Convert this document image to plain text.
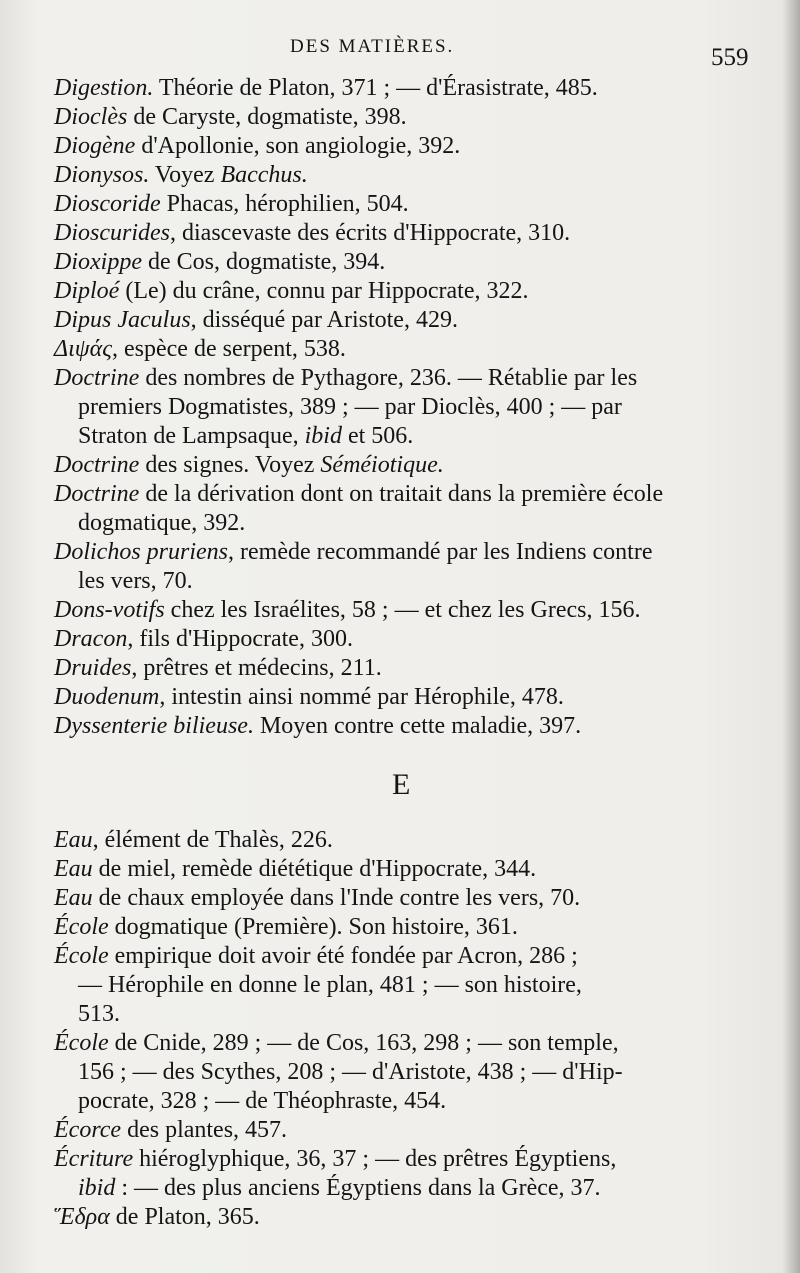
DES MATIÈRES.	559
Digestion. Théorie de Platon, 371 ; — d'Érasistrate, 485.
Dioclès de Caryste, dogmatiste, 398.
Diogène d'Apollonie, son angiologie, 392.
Dionysos. Voyez Bacchus.
Dioscoride Phacas, hérophilien, 504.
Dioscurides, diascevaste des écrits d'Hippocrate, 310.
Dioxippe de Cos, dogmatiste, 394.
Diploé (Le) du crâne, connu par Hippocrate, 322.
Dipus Jaculus, disséqué par Aristote, 429.
Διψάς, espèce de serpent, 538.
Doctrine des nombres de Pythagore, 236. — Rétablie par les
premiers Dogmatistes, 389 ; — par Dioclès, 400 ; — par
Straton de Lampsaque, ibid et 506.
Doctrine des signes. Voyez Séméiotique.
Doctrine de la dérivation dont on traitait dans la première école
dogmatique, 392.
Dolichos pruriens, remède recommandé par les Indiens contre
les vers, 70.
Dons-votifs chez les Israélites, 58 ; — et chez les Grecs, 156.
Dracon, fils d'Hippocrate, 300.
Druides, prêtres et médecins, 211.
Duodenum, intestin ainsi nommé par Hérophile, 478.
Dyssenterie bilieuse. Moyen contre cette maladie, 397.
E
Eau, élément de Thalès, 226.
Eau de miel, remède diététique d'Hippocrate, 344.
Eau de chaux employée dans l'Inde contre les vers, 70.
École dogmatique (Première). Son histoire, 361.
École empirique doit avoir été fondée par Acron, 286 ;
— Hérophile en donne le plan, 481 ; — son histoire,
513.
École de Cnide, 289 ; — de Cos, 163, 298 ; — son temple,
156 ; — des Scythes, 208 ; — d'Aristote, 438 ; — d'Hip-
pocrate, 328 ; — de Théophraste, 454.
Écorce des plantes, 457.
Écriture hiéroglyphique, 36, 37 ; — des prêtres Égyptiens,
ibid : — des plus anciens Égyptiens dans la Grèce, 37.
Ἕδρα de Platon, 365.
